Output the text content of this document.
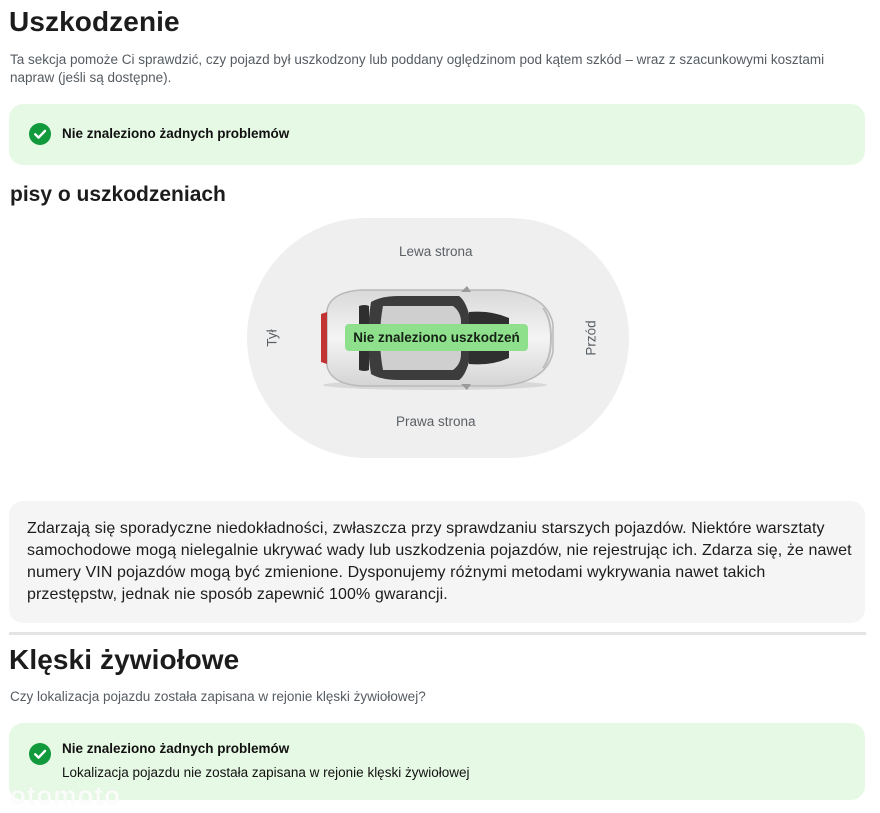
Uszkodzenie

Ta sekcja pomoże Ci sprawdzić, czy pojazd był uszkodzony lub poddany oględzinom pod kątem szkód – wraz z szacunkowymi kosztami napraw (jeśli są dostępne).

Nie znaleziono żadnych problemów
pisy o uszkodzeniach
Lewa strona
Prawa strona
Tył	Przód
Nie znaleziono uszkodzeń

Zdarzają się sporadyczne niedokładności, zwłaszcza przy sprawdzaniu starszych pojazdów. Niektóre warsztaty samochodowe mogą nielegalnie ukrywać wady lub uszkodzenia pojazdów, nie rejestrując ich. Zdarza się, że nawet numery VIN pojazdów mogą być zmienione. Dysponujemy różnymi metodami wykrywania nawet takich przestępstw, jednak nie sposób zapewnić 100% gwarancji.

Klęski żywiołowe

Czy lokalizacja pojazdu została zapisana w rejonie klęski żywiołowej?

Nie znaleziono żadnych problemów
Lokalizacja pojazdu nie została zapisana w rejonie klęski żywiołowej
otomoto
